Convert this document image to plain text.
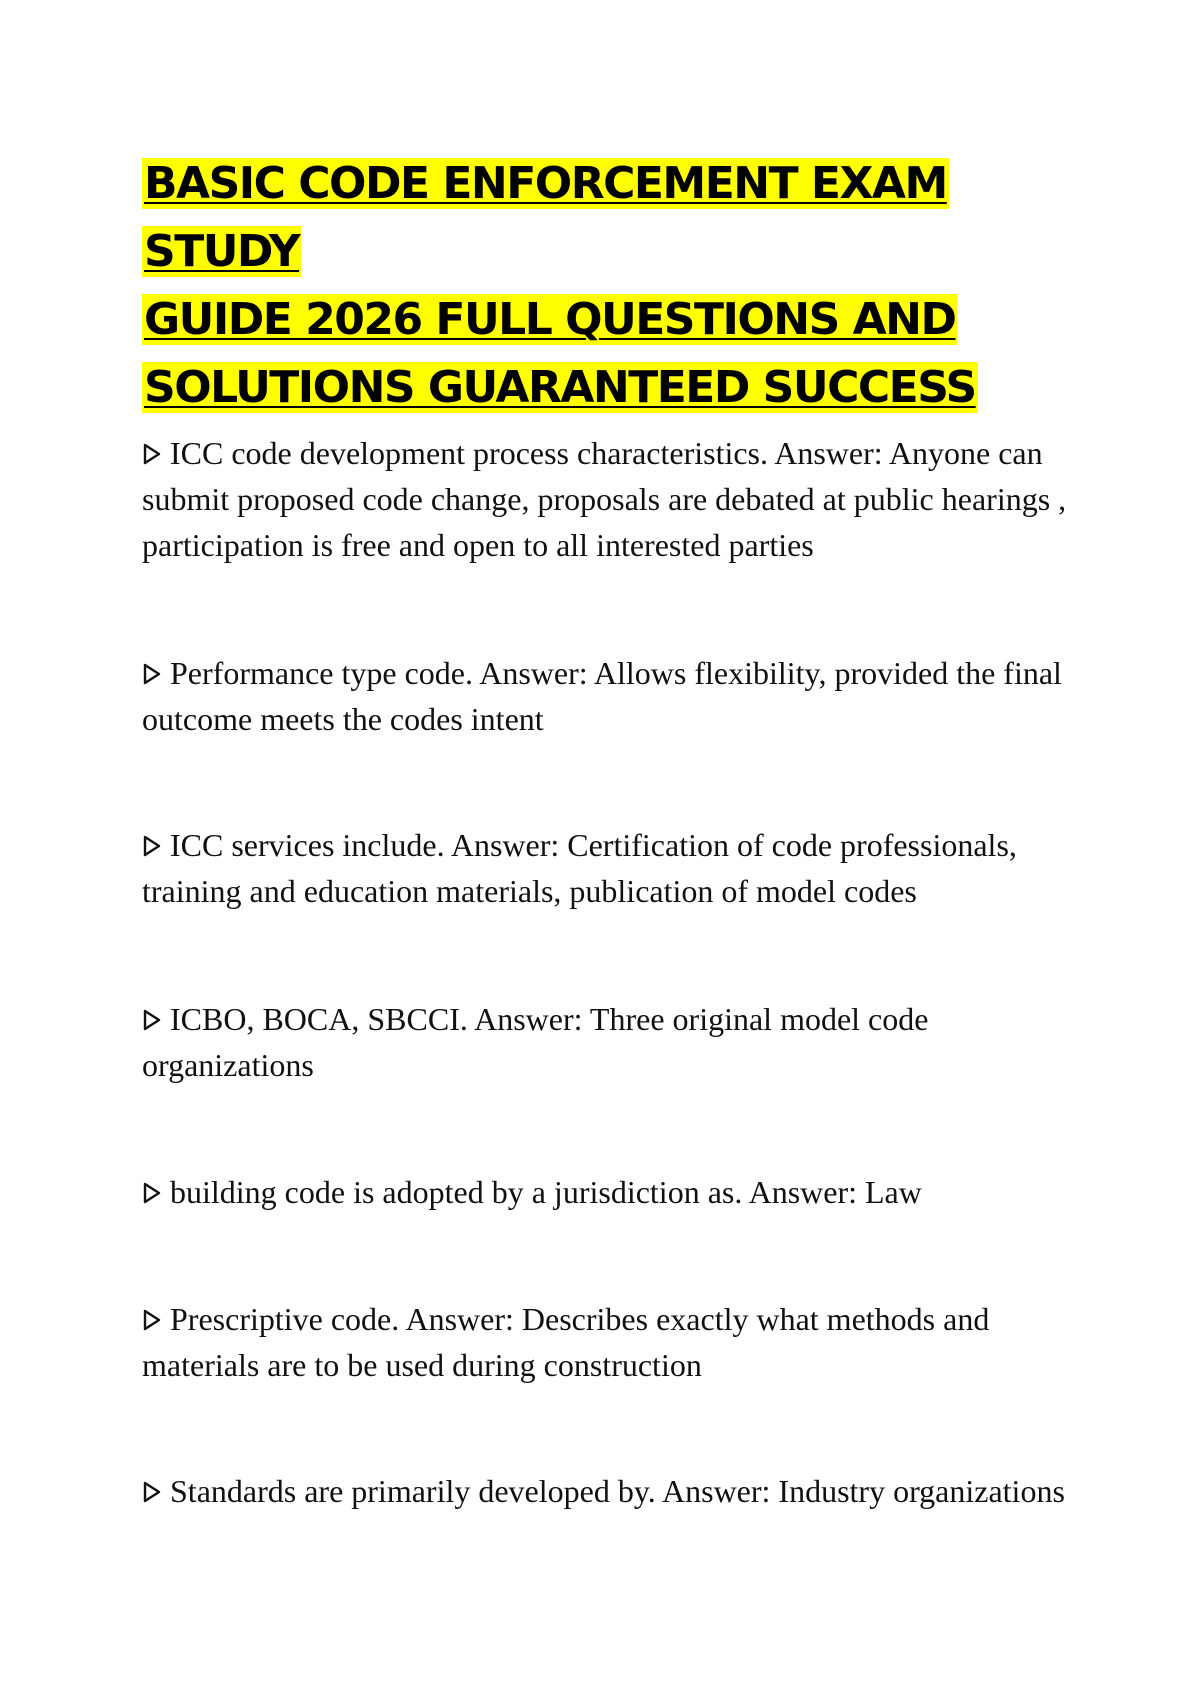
BASIC CODE ENFORCEMENT EXAM STUDY
GUIDE 2026 FULL QUESTIONS AND
SOLUTIONS GUARANTEED SUCCESS
ICC code development process characteristics. Answer: Anyone can submit proposed code change, proposals are debated at public hearings , participation is free and open to all interested parties
Performance type code. Answer: Allows flexibility, provided the final outcome meets the codes intent
ICC services include. Answer: Certification of code professionals, training and education materials, publication of model codes
ICBO, BOCA, SBCCI. Answer: Three original model code organizations
building code is adopted by a jurisdiction as. Answer: Law
Prescriptive code. Answer: Describes exactly what methods and materials are to be used during construction
Standards are primarily developed by. Answer: Industry organizations
